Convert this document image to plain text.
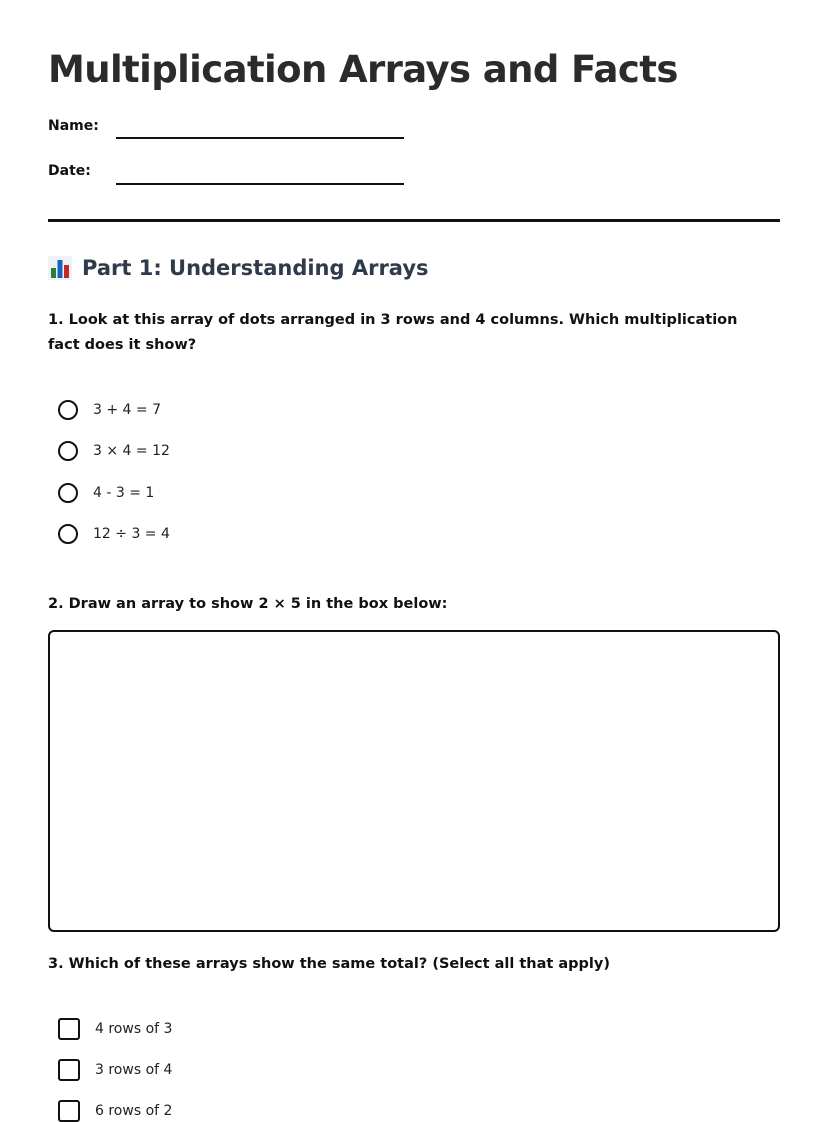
Multiplication Arrays and Facts
Name:
Date:
Part 1: Understanding Arrays
1. Look at this array of dots arranged in 3 rows and 4 columns. Which multiplication fact does it show?
3 + 4 = 7
3 × 4 = 12
4 - 3 = 1
12 ÷ 3 = 4
2. Draw an array to show 2 × 5 in the box below:
3. Which of these arrays show the same total? (Select all that apply)
4 rows of 3
3 rows of 4
6 rows of 2
